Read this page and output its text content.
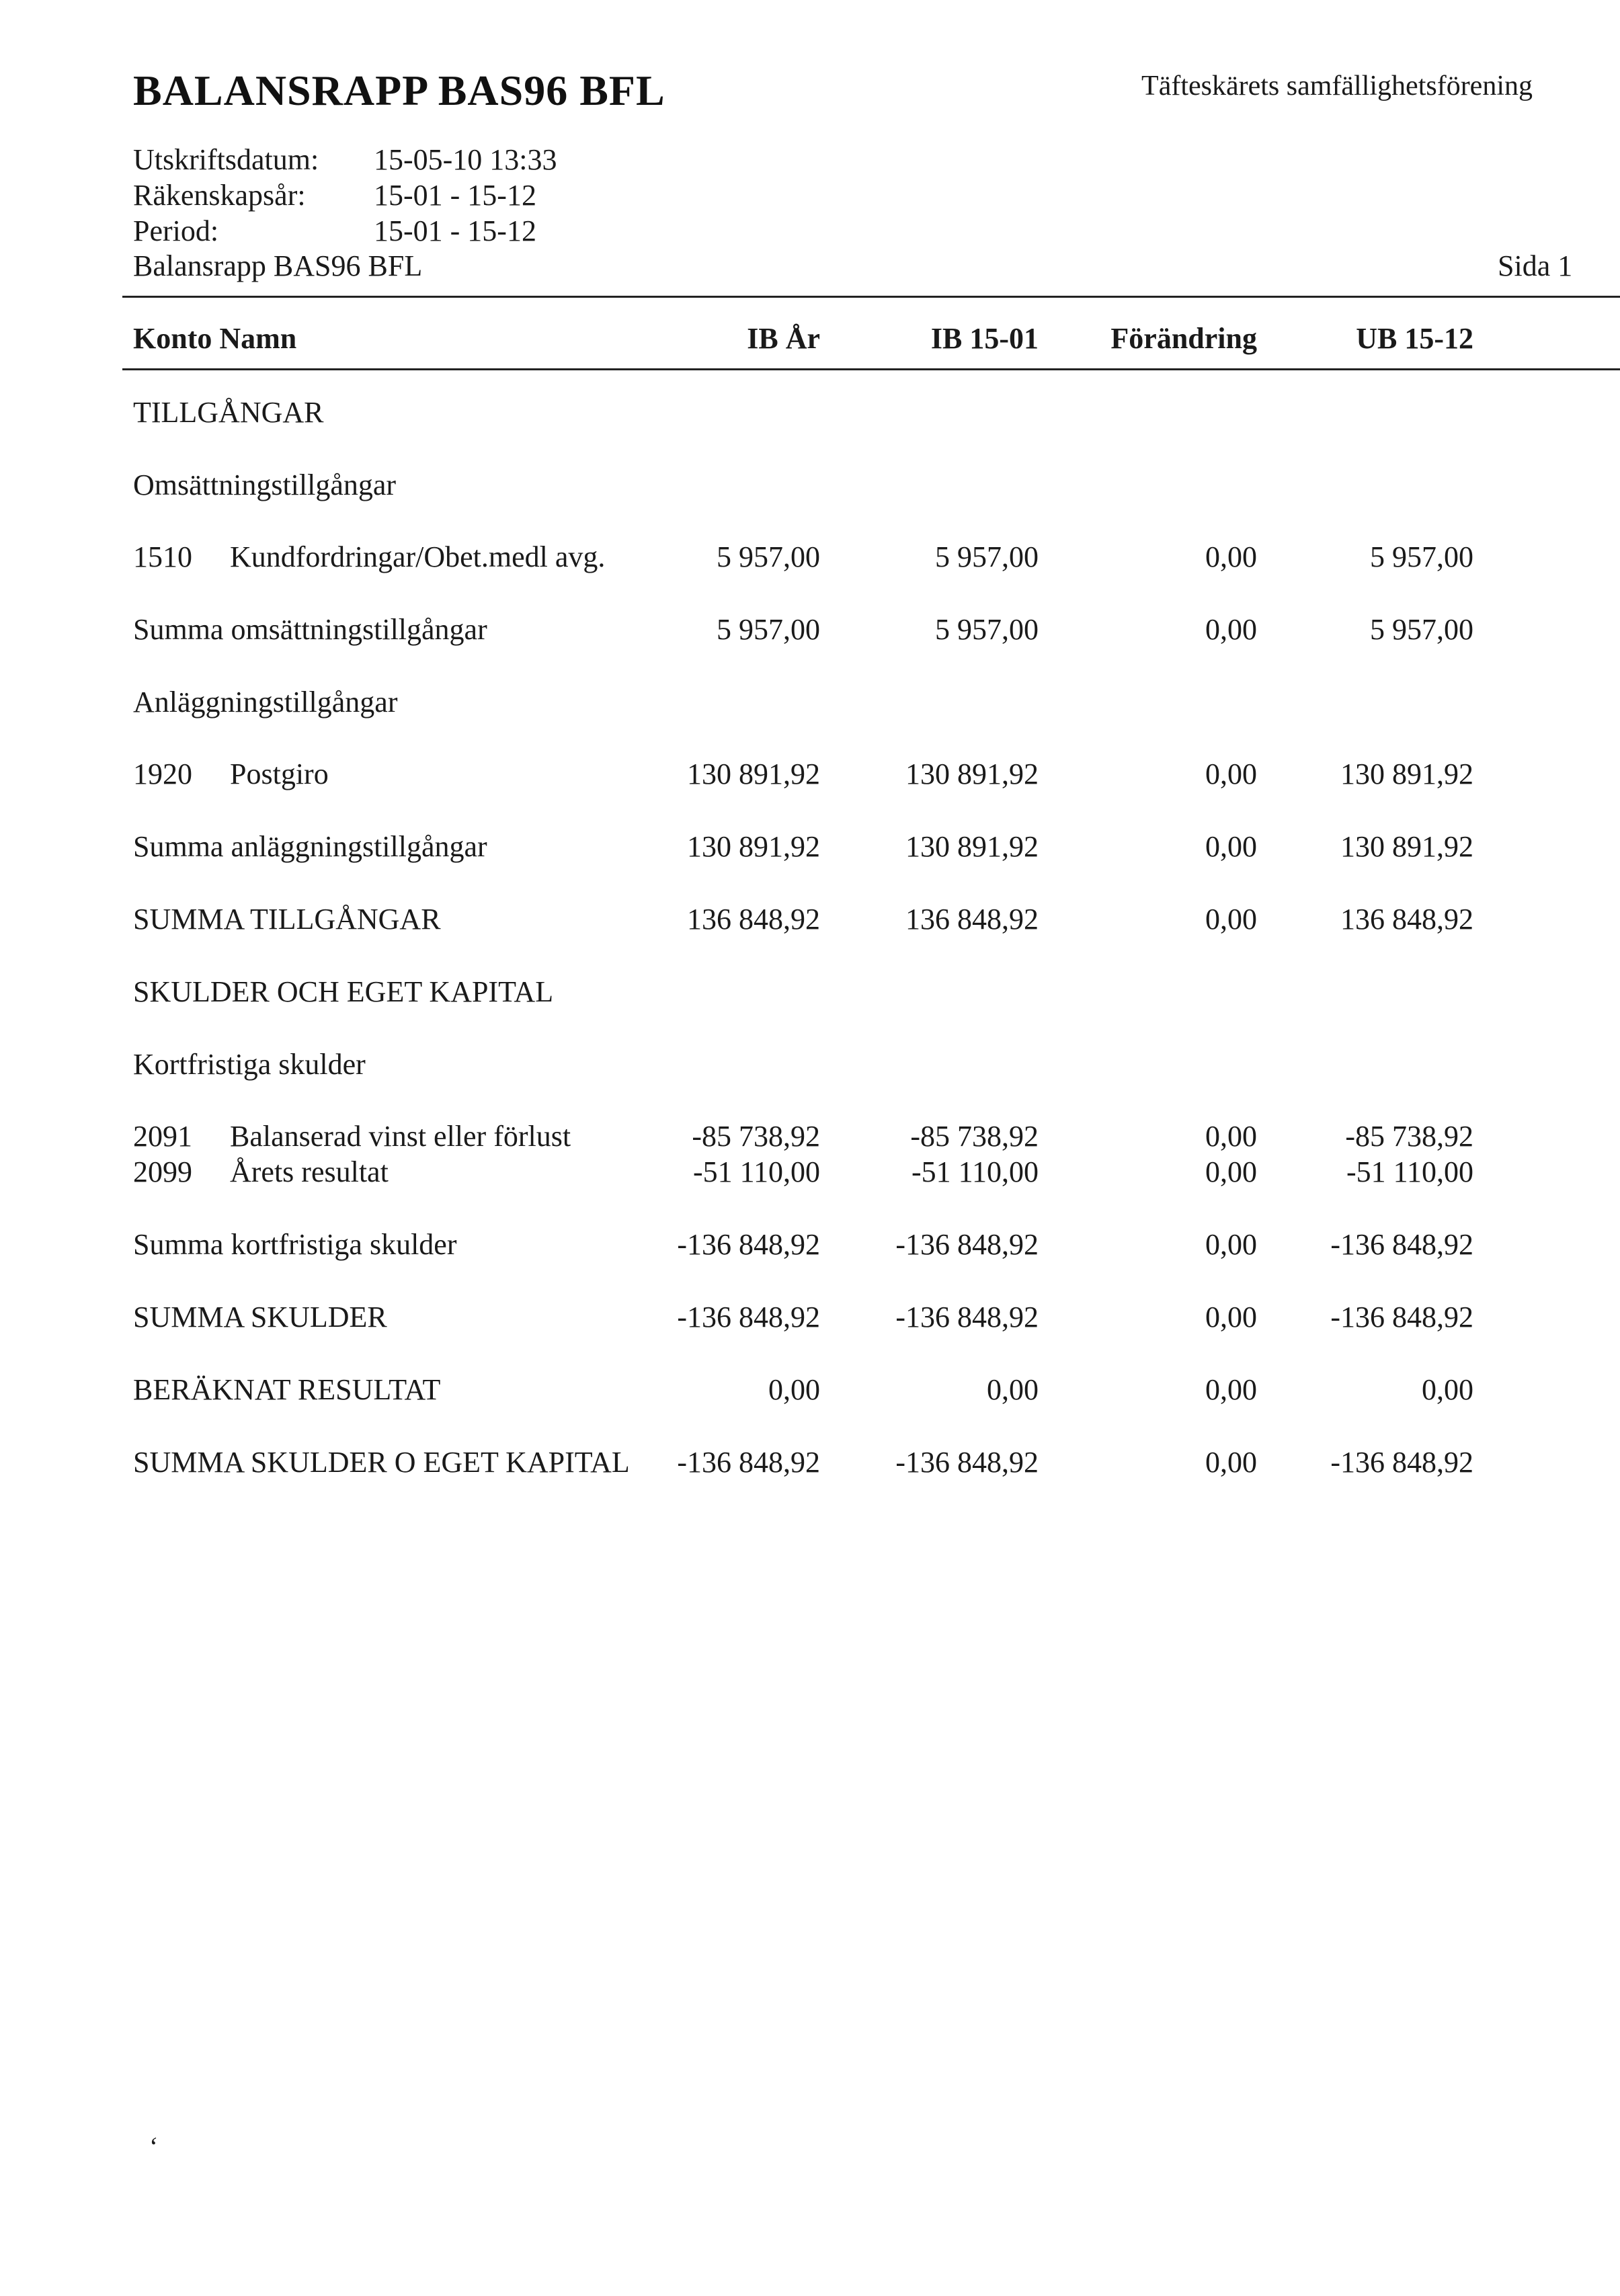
BALANSRAPP BAS96 BFL	Täfteskärets samfällighetsförening
Utskriftsdatum: 15-05-10 13:33
Räkenskapsår: 15-01 - 15-12
Period:	15-01 - 15-12
Balansrapp BAS96 BFL	Sida 1
Konto Namn	IB År	IB 15-01 Förändring	UB 15-12
TILLGÅNGAR
Omsättningstillgångar
1510 Kundfordringar/Obet.medl avg.	5 957,00	5 957,00	0,00	5 957,00
Summa omsättningstillgångar	5 957,00	5 957,00	0,00	5 957,00
Anläggningstillgångar
1920 Postgiro	130 891,92	130 891,92	0,00	130 891,92
Summa anläggningstillgångar	130 891,92	130 891,92	0,00	130 891,92
SUMMA TILLGÅNGAR	136 848,92	136 848,92	0,00	136 848,92
SKULDER OCH EGET KAPITAL
Kortfristiga skulder
2091 Balanserad vinst eller förlust	-85 738,92	-85 738,92	0,00	-85 738,92
2099 Årets resultat	-51 110,00	-51 110,00	0,00	-51 110,00
Summa kortfristiga skulder	-136 848,92	-136 848,92	0,00 -136 848,92
SUMMA SKULDER	-136 848,92	-136 848,92	0,00 -136 848,92
BERÄKNAT RESULTAT	0,00	0,00	0,00	0,00
SUMMA SKULDER O EGET KAPITAL -136 848,92	-136 848,92	0,00 -136 848,92
ʻ
